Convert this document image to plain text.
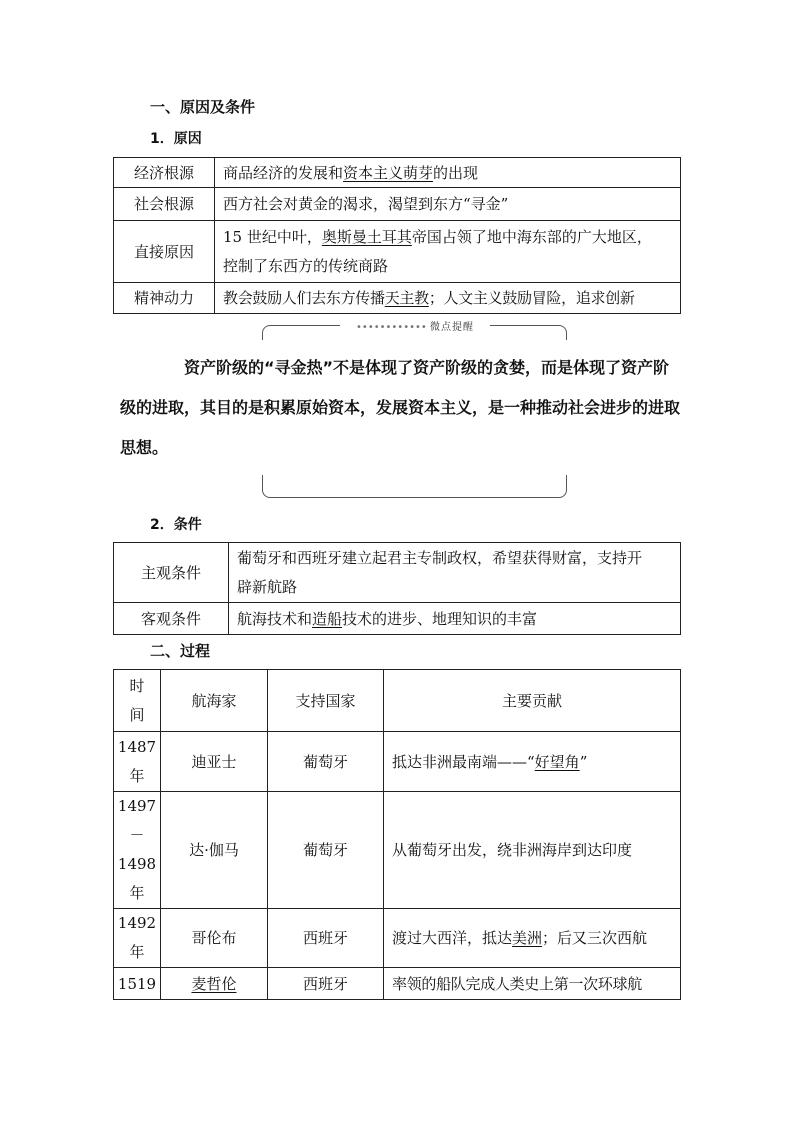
一、原因及条件
1．原因
经济根源	商品经济的发展和资本主义萌芽的出现
社会根源	西方社会对黄金的渴求，渴望到东方“寻金”
直接原因	15 世纪中叶，奥斯曼土耳其帝国占领了地中海东部的广大地区，
控制了东西方的传统商路
精神动力	教会鼓励人们去东方传播天主教；人文主义鼓励冒险，追求创新
•••••••••••• 微点提醒
资产阶级的“寻金热”不是体现了资产阶级的贪婪，而是体现了资产阶级的进取，其目的是积累原始资本，发展资本主义，是一种推动社会进步的进取思想。
2．条件
主观条件	葡萄牙和西班牙建立起君主专制政权，希望获得财富，支持开
辟新航路
客观条件	航海技术和造船技术的进步、地理知识的丰富
二、过程
时
间	航海家	支持国家	主要贡献
1487
年	迪亚士	葡萄牙	抵达非洲最南端——“好望角”
1497
－
1498
年	达·伽马	葡萄牙	从葡萄牙出发，绕非洲海岸到达印度
1492
年	哥伦布	西班牙	渡过大西洋，抵达美洲；后又三次西航
1519	麦哲伦	西班牙	率领的船队完成人类史上第一次环球航
